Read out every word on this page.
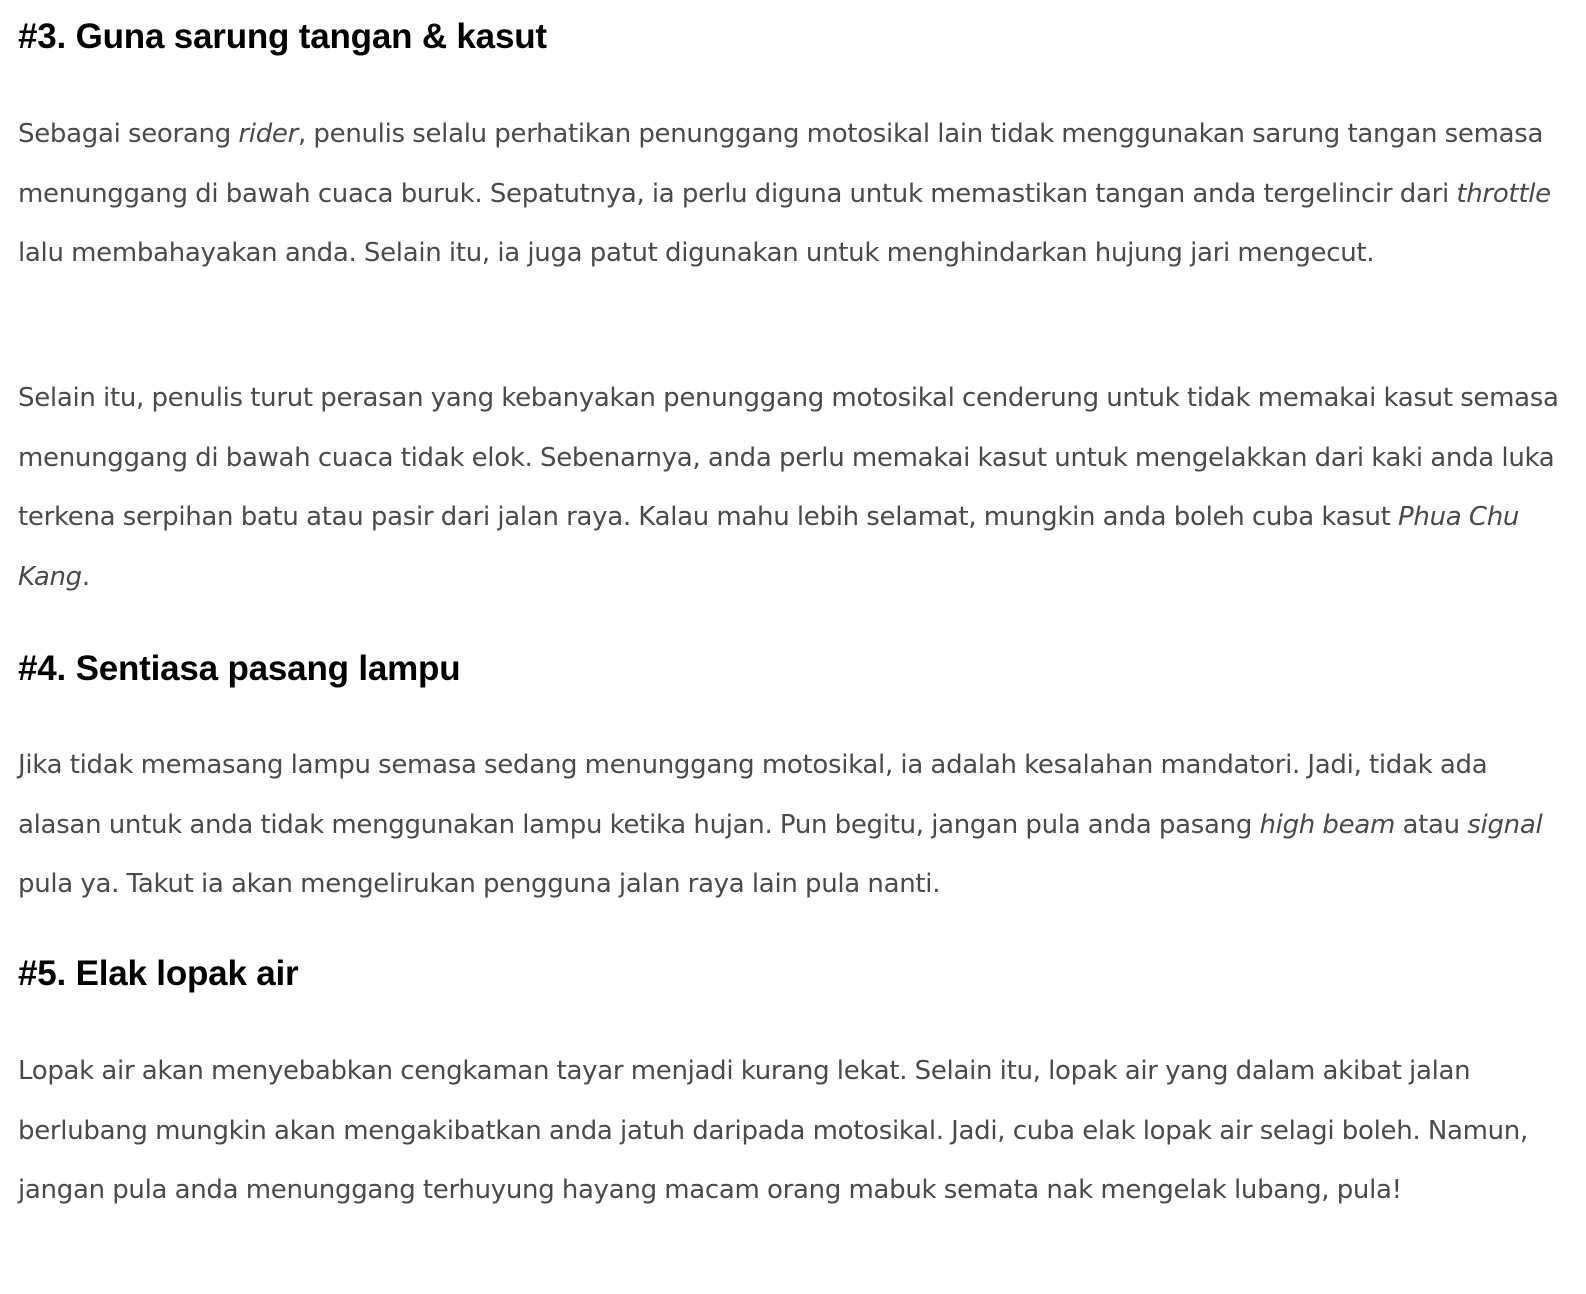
#3. Guna sarung tangan & kasut

Sebagai seorang rider, penulis selalu perhatikan penunggang motosikal lain tidak menggunakan sarung tangan semasa menunggang di bawah cuaca buruk. Sepatutnya, ia perlu diguna untuk memastikan tangan anda tergelincir dari throttle lalu membahayakan anda. Selain itu, ia juga patut digunakan untuk menghindarkan hujung jari mengecut.

Selain itu, penulis turut perasan yang kebanyakan penunggang motosikal cenderung untuk tidak memakai kasut semasa menunggang di bawah cuaca tidak elok. Sebenarnya, anda perlu memakai kasut untuk mengelakkan dari kaki anda luka terkena serpihan batu atau pasir dari jalan raya. Kalau mahu lebih selamat, mungkin anda boleh cuba kasut Phua Chu Kang.

#4. Sentiasa pasang lampu

Jika tidak memasang lampu semasa sedang menunggang motosikal, ia adalah kesalahan mandatori. Jadi, tidak ada alasan untuk anda tidak menggunakan lampu ketika hujan. Pun begitu, jangan pula anda pasang high beam atau signal pula ya. Takut ia akan mengelirukan pengguna jalan raya lain pula nanti.

#5. Elak lopak air

Lopak air akan menyebabkan cengkaman tayar menjadi kurang lekat. Selain itu, lopak air yang dalam akibat jalan berlubang mungkin akan mengakibatkan anda jatuh daripada motosikal. Jadi, cuba elak lopak air selagi boleh. Namun, jangan pula anda menunggang terhuyung hayang macam orang mabuk semata nak mengelak lubang, pula!
